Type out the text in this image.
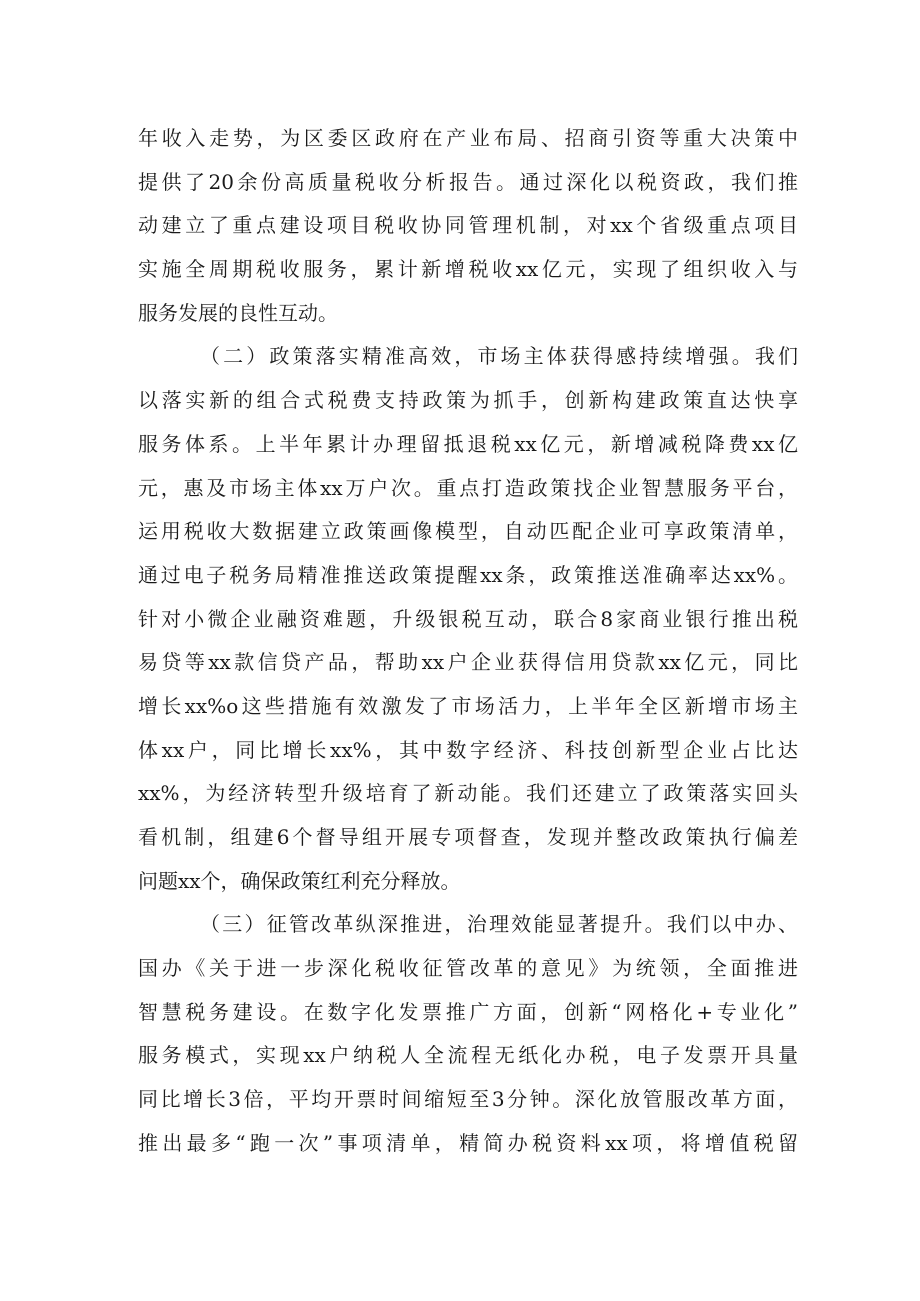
年收入走势，为区委区政府在产业布局、招商引资等重大决策中
提供了20余份高质量税收分析报告。通过深化以税资政，我们推
动建立了重点建设项目税收协同管理机制，对xx个省级重点项目
实施全周期税收服务，累计新增税收xx亿元，实现了组织收入与
服务发展的良性互动。
（二）政策落实精准高效，市场主体获得感持续增强。我们
以落实新的组合式税费支持政策为抓手，创新构建政策直达快享
服务体系。上半年累计办理留抵退税xx亿元，新增减税降费xx亿
元，惠及市场主体xx万户次。重点打造政策找企业智慧服务平台，
运用税收大数据建立政策画像模型，自动匹配企业可享政策清单，
通过电子税务局精准推送政策提醒xx条，政策推送准确率达xx%。
针对小微企业融资难题，升级银税互动，联合8家商业银行推出税
易贷等xx款信贷产品，帮助xx户企业获得信用贷款xx亿元，同比
增长xx%o这些措施有效激发了市场活力，上半年全区新增市场主
体xx户，同比增长xx%，其中数字经济、科技创新型企业占比达
xx%，为经济转型升级培育了新动能。我们还建立了政策落实回头
看机制，组建6个督导组开展专项督查，发现并整改政策执行偏差
问题xx个，确保政策红利充分释放。
（三）征管改革纵深推进，治理效能显著提升。我们以中办、
国办《关于进一步深化税收征管改革的意见》为统领，全面推进
智慧税务建设。在数字化发票推广方面，创新“网格化+专业化”
服务模式，实现xx户纳税人全流程无纸化办税，电子发票开具量
同比增长3倍，平均开票时间缩短至3分钟。深化放管服改革方面，
推出最多“跑一次”事项清单，精简办税资料xx项，将增值税留
